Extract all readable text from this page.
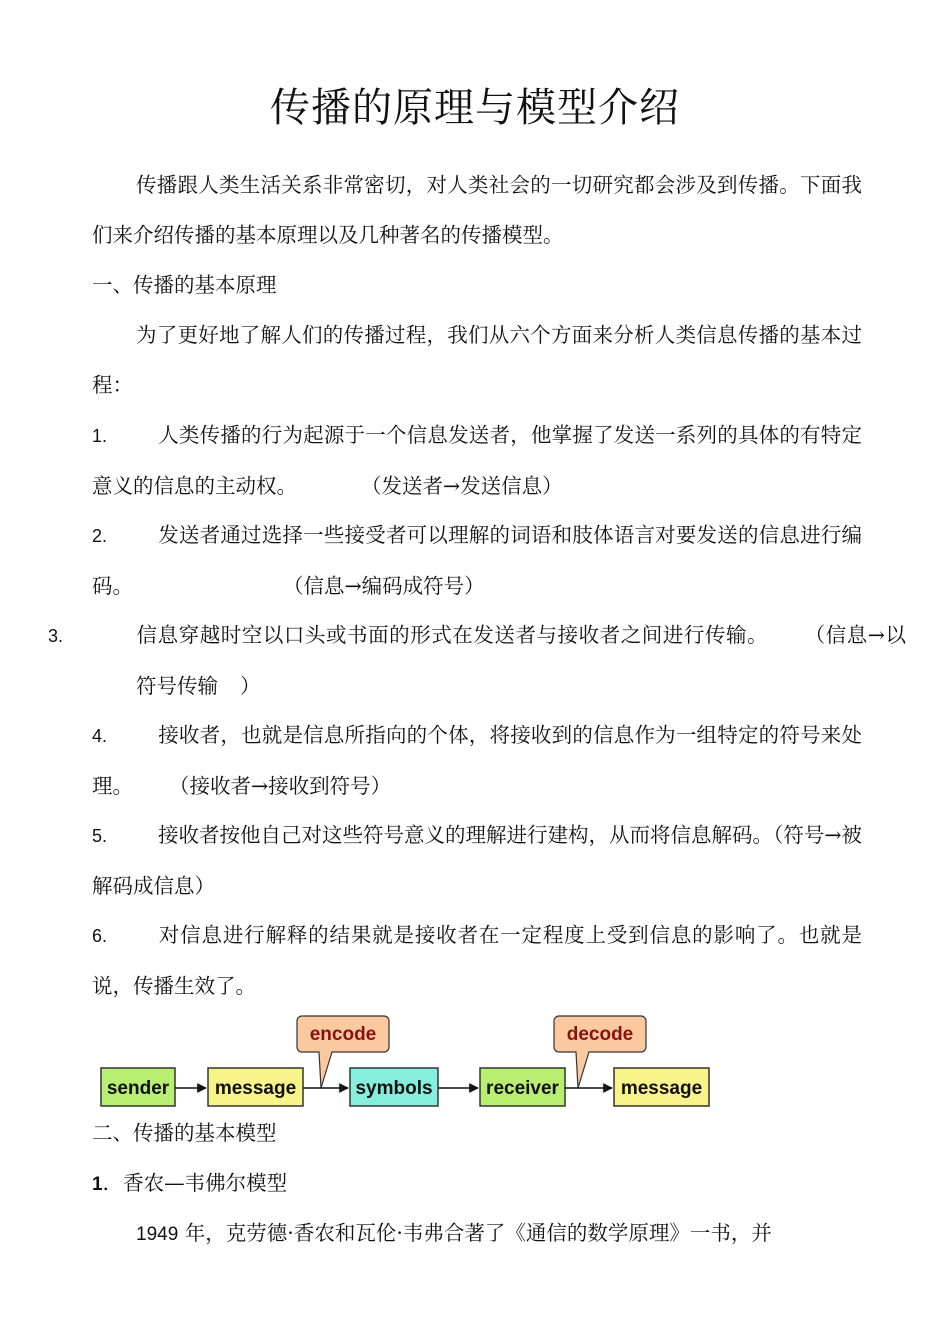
传播的原理与模型介绍
传播跟人类生活关系非常密切，对人类社会的一切研究都会涉及到传播。下面我们来介绍传播的基本原理以及几种著名的传播模型。
一、传播的基本原理
为了更好地了解人们的传播过程，我们从六个方面来分析人类信息传播的基本过程：
1. 人类传播的行为起源于一个信息发送者，他掌握了发送一系列的具体的有特定意义的信息的主动权。	（发送者→发送信息）
2. 发送者通过选择一些接受者可以理解的词语和肢体语言对要发送的信息进行编码。	（信息→编码成符号）
3.	信息穿越时空以口头或书面的形式在发送者与接收者之间进行传输。 （信息→以符号传输 ）
4. 接收者，也就是信息所指向的个体，将接收到的信息作为一组特定的符号来处理。 （接收者→接收到符号）
5. 接收者按他自己对这些符号意义的理解进行建构，从而将信息解码。（符号→被解码成信息）
6. 对信息进行解释的结果就是接收者在一定程度上受到信息的影响了。也就是说，传播生效了。
encode	decode
sender message	symbols	receiver	message
二、传播的基本模型
1．香农—韦佛尔模型
1949 年，克劳德·香农和瓦伦·韦弗合著了《通信的数学原理》一书，并
